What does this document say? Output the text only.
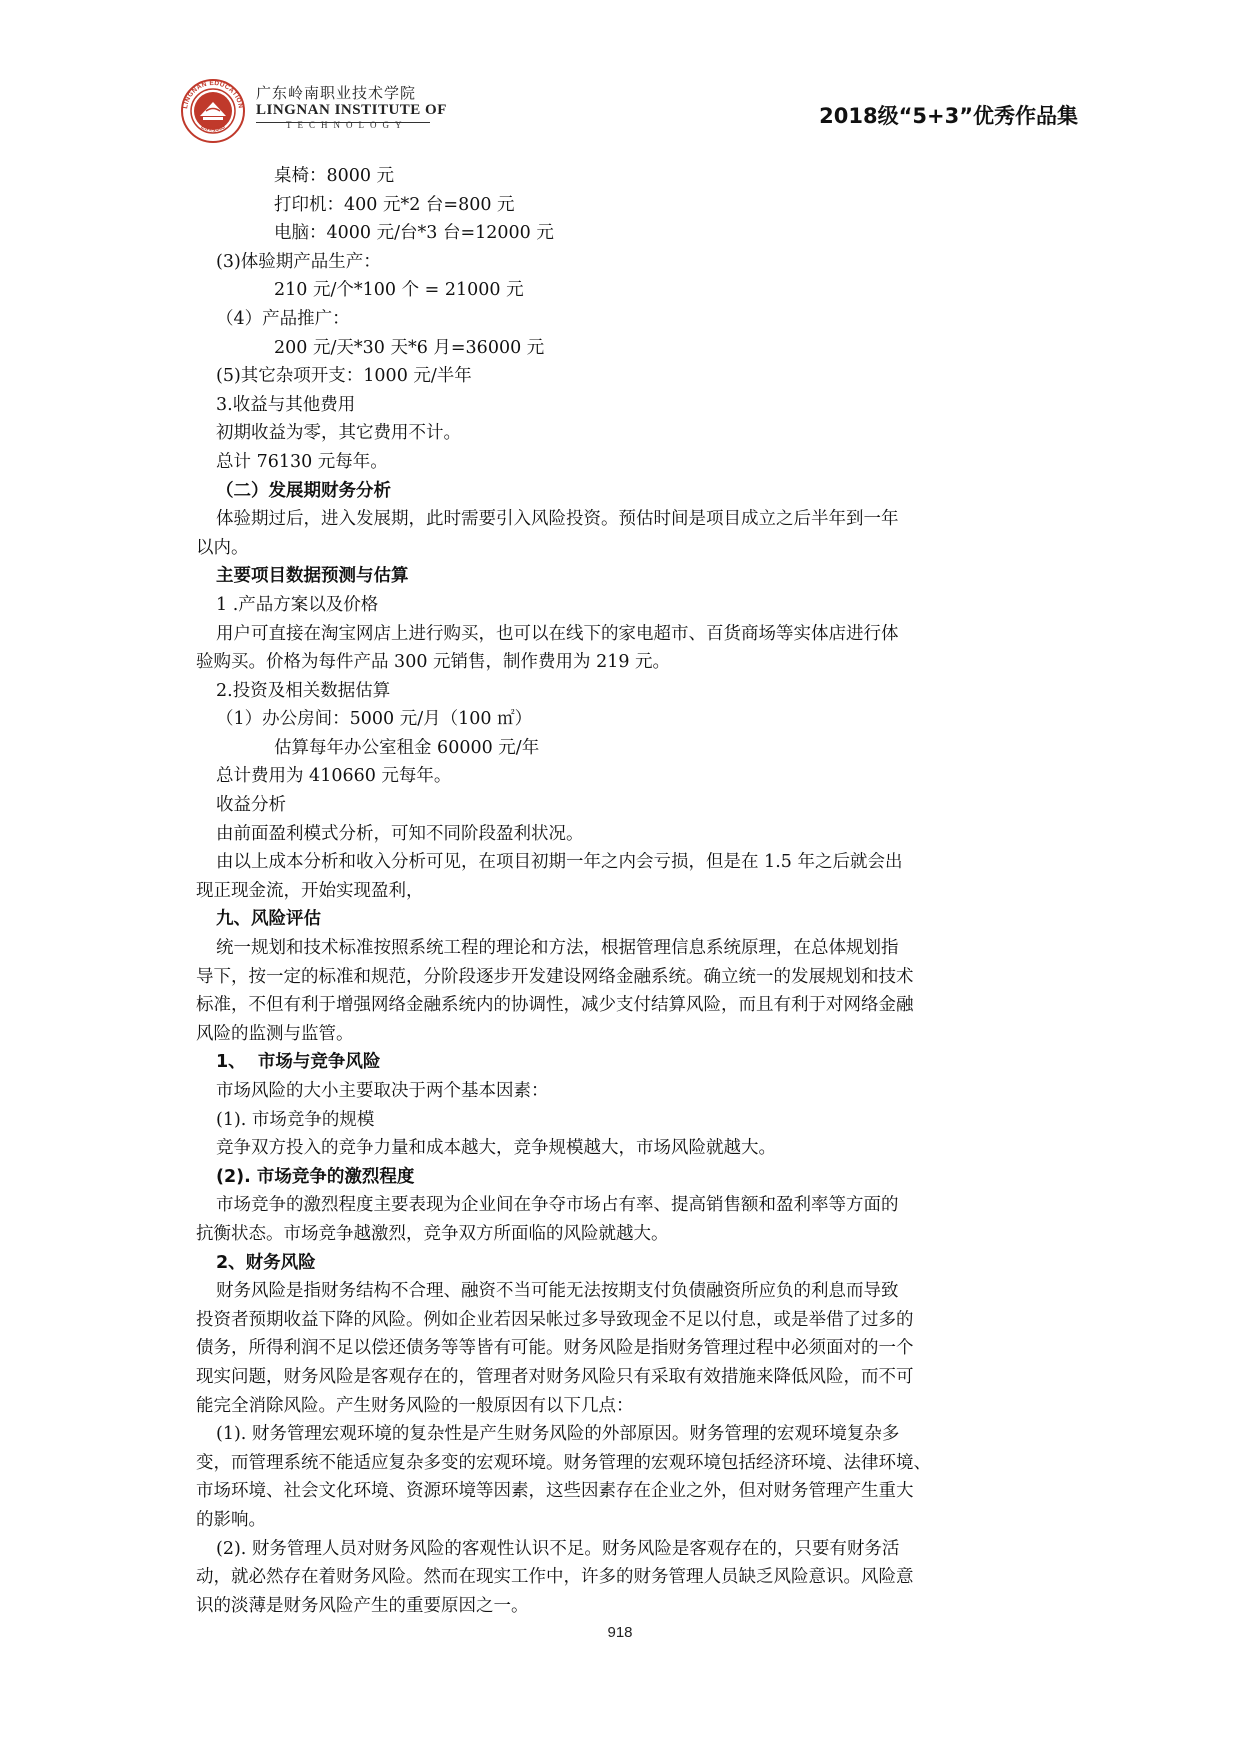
LINGNAN EDUCATION
EST.1993
广东岭南职业技术学院
LINGNAN INSTITUTE OF
TECHNOLOGY	2018级“5+3”优秀作品集

桌椅：8000 元

打印机：400 元*2 台=800 元

电脑：4000 元/台*3 台=12000 元

(3)体验期产品生产：

210 元/个*100 个 = 21000 元

（4）产品推广：

200 元/天*30 天*6 月=36000 元

(5)其它杂项开支：1000 元/半年

3.收益与其他费用

初期收益为零，其它费用不计。

总计 76130 元每年。

（二）发展期财务分析

体验期过后，进入发展期，此时需要引入风险投资。预估时间是项目成立之后半年到一年

以内。

主要项目数据预测与估算

1 .产品方案以及价格

用户可直接在淘宝网店上进行购买，也可以在线下的家电超市、百货商场等实体店进行体

验购买。价格为每件产品 300 元销售，制作费用为 219 元。

2.投资及相关数据估算

（1）办公房间：5000 元/月（100 ㎡）

估算每年办公室租金 60000 元/年

总计费用为 410660 元每年。

收益分析

由前面盈利模式分析，可知不同阶段盈利状况。

由以上成本分析和收入分析可见，在项目初期一年之内会亏损，但是在 1.5 年之后就会出

现正现金流，开始实现盈利，

九、风险评估

统一规划和技术标准按照系统工程的理论和方法，根据管理信息系统原理，在总体规划指

导下，按一定的标准和规范，分阶段逐步开发建设网络金融系统。确立统一的发展规划和技术

标准，不但有利于增强网络金融系统内的协调性，减少支付结算风险，而且有利于对网络金融

风险的监测与监管。

1、  市场与竞争风险

市场风险的大小主要取决于两个基本因素：

(1). 市场竞争的规模

竞争双方投入的竞争力量和成本越大，竞争规模越大，市场风险就越大。

(2). 市场竞争的激烈程度

市场竞争的激烈程度主要表现为企业间在争夺市场占有率、提高销售额和盈利率等方面的

抗衡状态。市场竞争越激烈，竞争双方所面临的风险就越大。

2、财务风险

财务风险是指财务结构不合理、融资不当可能无法按期支付负债融资所应负的利息而导致

投资者预期收益下降的风险。例如企业若因呆帐过多导致现金不足以付息，或是举借了过多的

债务，所得利润不足以偿还债务等等皆有可能。财务风险是指财务管理过程中必须面对的一个

现实问题，财务风险是客观存在的，管理者对财务风险只有采取有效措施来降低风险，而不可

能完全消除风险。产生财务风险的一般原因有以下几点：

(1). 财务管理宏观环境的复杂性是产生财务风险的外部原因。财务管理的宏观环境复杂多

变，而管理系统不能适应复杂多变的宏观环境。财务管理的宏观环境包括经济环境、法律环境、

市场环境、社会文化环境、资源环境等因素，这些因素存在企业之外，但对财务管理产生重大

的影响。

(2). 财务管理人员对财务风险的客观性认识不足。财务风险是客观存在的，只要有财务活

动，就必然存在着财务风险。然而在现实工作中，许多的财务管理人员缺乏风险意识。风险意

识的淡薄是财务风险产生的重要原因之一。

918
